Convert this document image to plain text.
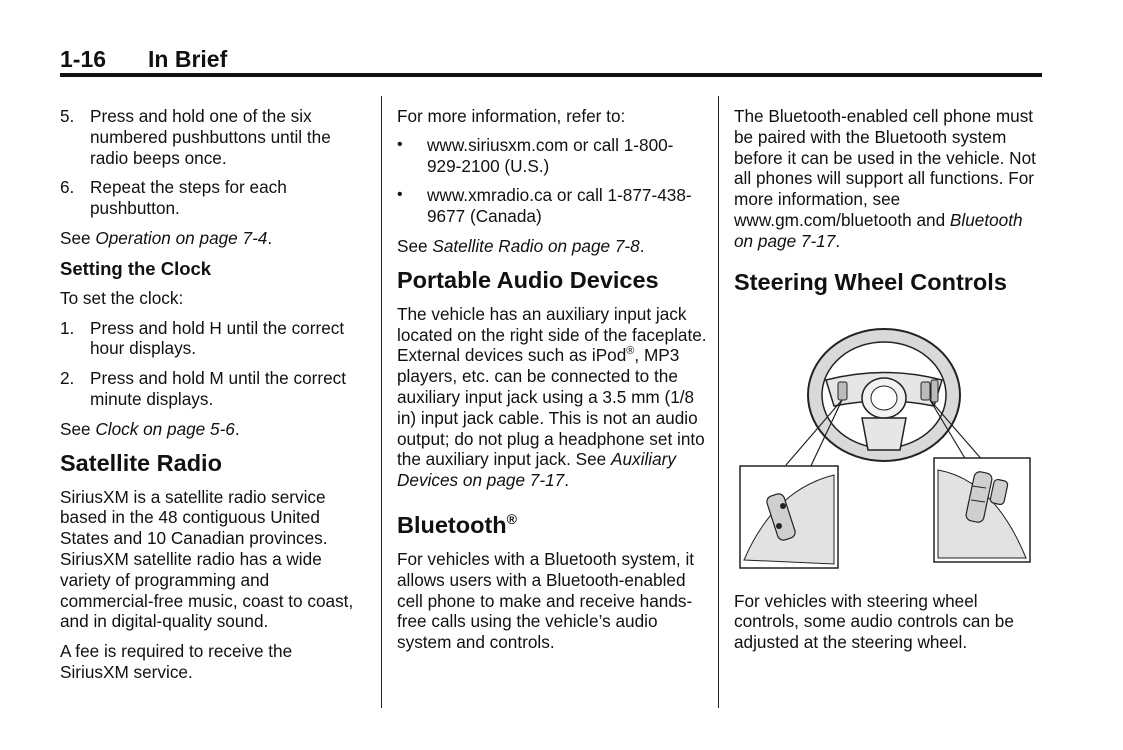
1-16 In Brief
5. Press and hold one of the six numbered pushbuttons until the radio beeps once.
6. Repeat the steps for each pushbutton.

See Operation on page 7-4.

Setting the Clock

To set the clock:

1. Press and hold H until the correct hour displays.
2. Press and hold M until the correct minute displays.

See Clock on page 5-6.

Satellite Radio

SiriusXM is a satellite radio service based in the 48 contiguous United States and 10 Canadian provinces. SiriusXM satellite radio has a wide variety of programming and commercial-free music, coast to coast, and in digital-quality sound.

A fee is required to receive the SiriusXM service.

For more information, refer to:

•	www.siriusxm.com or call 1-800-929-2100 (U.S.)
•	www.xmradio.ca or call 1-877-438-9677 (Canada)

See Satellite Radio on page 7-8.

Portable Audio Devices

The vehicle has an auxiliary input jack located on the right side of the faceplate. External devices such as iPod®, MP3 players, etc. can be connected to the auxiliary input jack using a 3.5 mm (1/8 in) input jack cable. This is not an audio output; do not plug a headphone set into the auxiliary input jack. See Auxiliary Devices on page 7-17.

Bluetooth®

For vehicles with a Bluetooth system, it allows users with a Bluetooth-enabled cell phone to make and receive hands-free calls using the vehicle’s audio system and controls.

The Bluetooth-enabled cell phone must be paired with the Bluetooth system before it can be used in the vehicle. Not all phones will support all functions. For more information, see www.gm.com/bluetooth and Bluetooth on page 7-17.

Steering Wheel Controls

For vehicles with steering wheel controls, some audio controls can be adjusted at the steering wheel.
